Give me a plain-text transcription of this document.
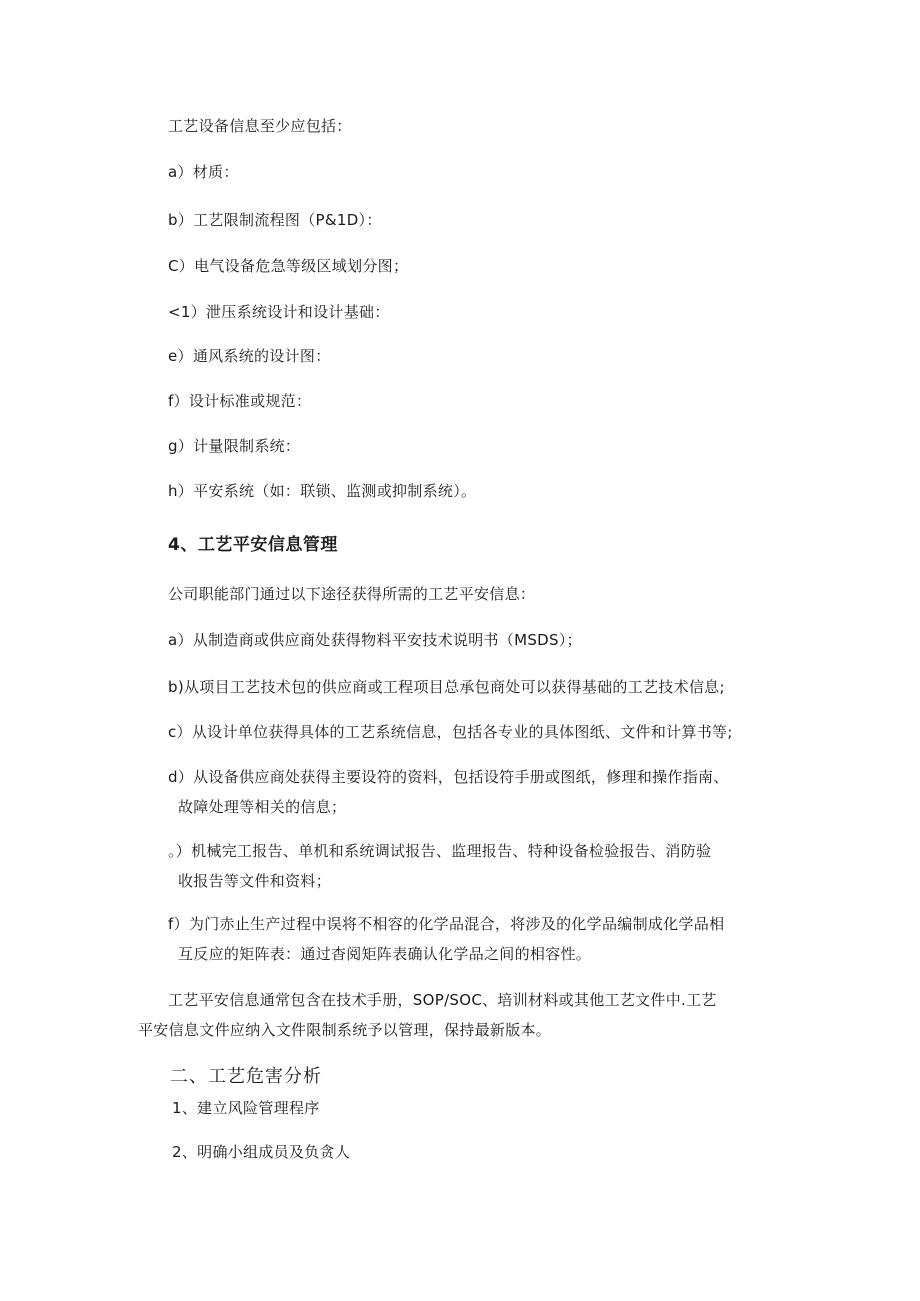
工艺设备信息至少应包括：
a）材质：
b）工艺限制流程图（P&1D）：
C）电气设备危急等级区域划分图；
<1）泄压系统设计和设计基础：
e）通风系统的设计图：
f）设计标准或规范：
g）计量限制系统：
h）平安系统（如：联锁、监测或抑制系统）。
4、工艺平安信息管理
公司职能部门通过以下途径获得所需的工艺平安信息：
a）从制造商或供应商处获得物料平安技术说明书（MSDS）；
b)从项目工艺技术包的供应商或工程项目总承包商处可以获得基础的工艺技术信息;
c）从设计单位获得具体的工艺系统信息，包括各专业的具体图纸、文件和计算书等;
d）从设备供应商处获得主要设符的资料，包括设符手册或图纸，修理和操作指南、
故障处理等相关的信息；
。）机械完工报告、单机和系统调试报告、监理报告、特种设备检验报告、消防验
收报告等文件和资料；
f）为门赤止生产过程中误将不相容的化学品混合，将涉及的化学品编制成化学品相
互反应的矩阵表：通过杳阅矩阵表确认化学品之间的相容性。
工艺平安信息通常包含在技术手册，SOP/SOC、培训材料或其他工艺文件中.工艺
平安信息文件应纳入文件限制系统予以管理，保持最新版本。
二、工艺危害分析
1、建立风险管理程序
2、明确小组成员及负贪人
